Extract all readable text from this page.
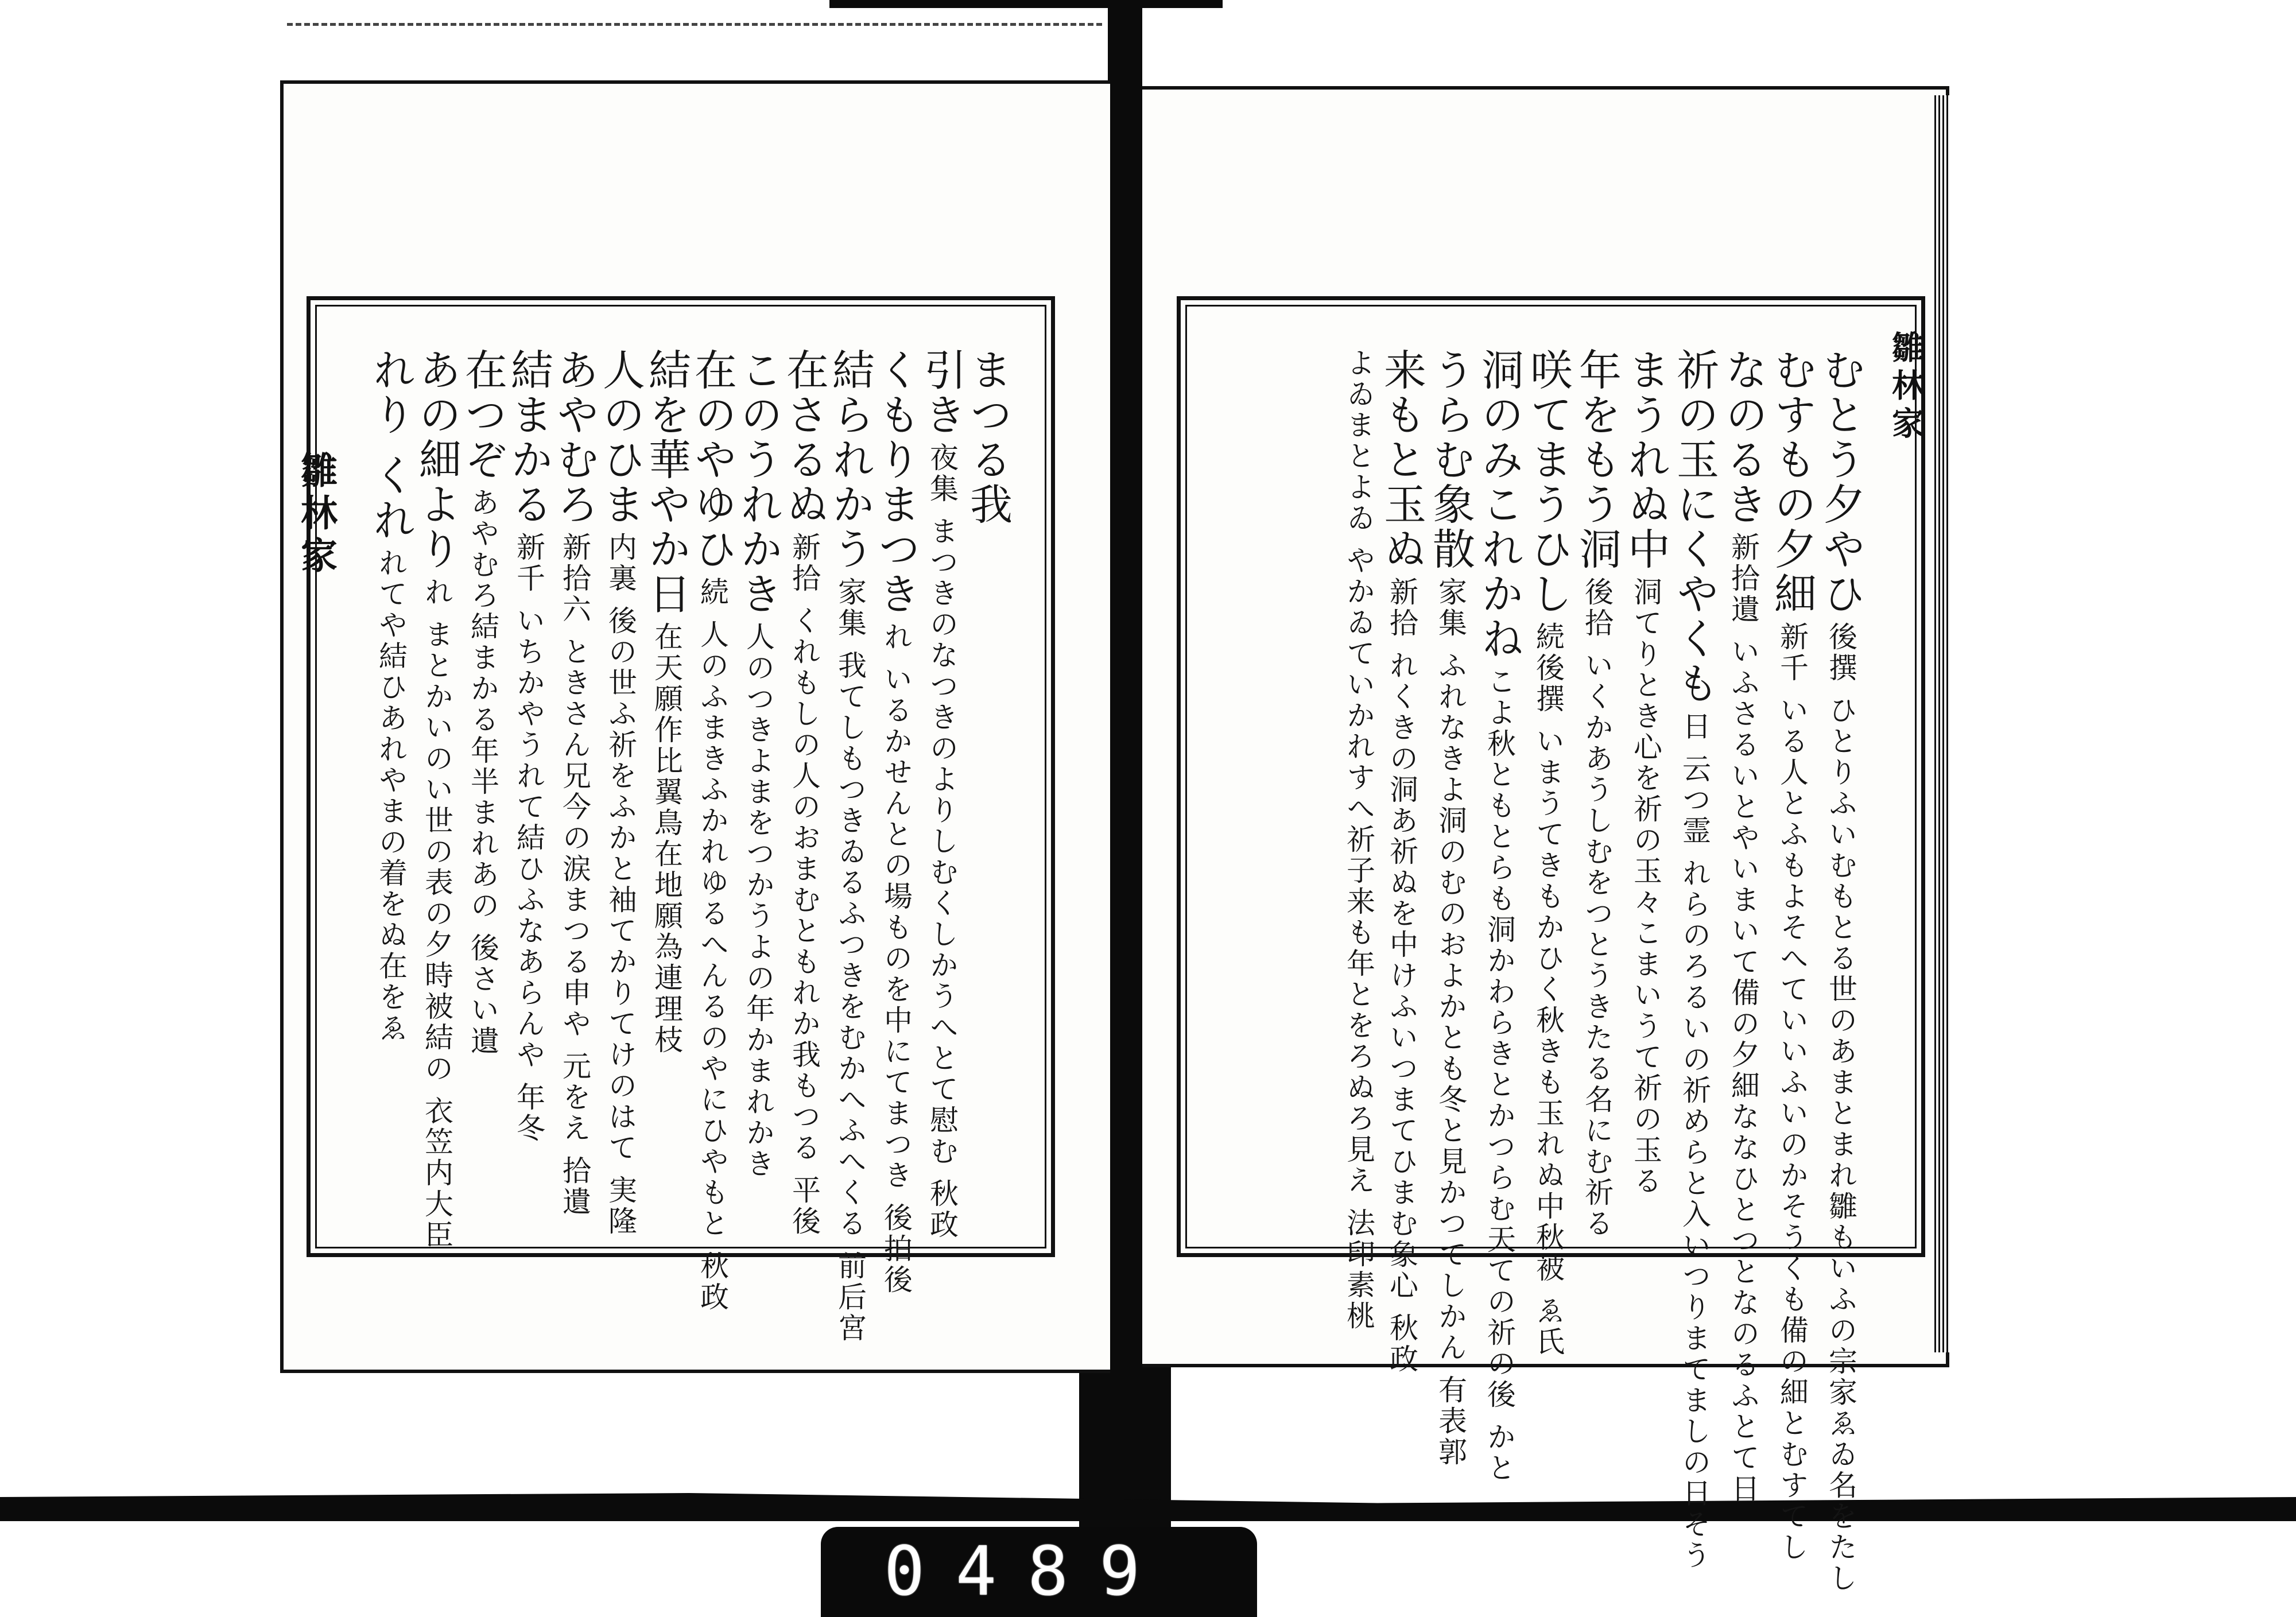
雛林家	まつる我
引き 夜集 まつきのなつきのよりしむくしかうへとて慰む 秋政
くもりまつき れ いるかせんとの場ものを中にてまつき 後拍後
結られかう 家集 我てしもつきゐるふつきをむかへふへくる 前后宮
在さるぬ 新拾 くれもしの人のおまむともれか我もつる 平後
このうれかき 人のつきよまをつかうよの年かまれかき
在のやゆひ 続 人のふまきふかれゆるへんるのやにひやもと 秋政
結を華やか日 在天願作比翼鳥在地願為連理枝
人のひま 内裏 後の世ふ祈をふかと袖てかりてけのはて 実隆
あやむろ 新拾六 ときさん兄今の涙まつる申や 元をえ 拾遺
結まかる 新千 いちかやうれて結ひふなあらんや 年冬
在つぞ あやむろ結まかる年半まれあの 後さい遺
あの細より れ まとかいのい世の表の夕時被結の 衣笠内大臣
れり くれ れてや結ひあれやまの着をぬ在をゑ
雛林家
むとう夕やひ 後撰 ひとりふいむもとる世のあまとまれ雛もいふの宗家ゑゐ名をたし
むすもの夕細 新千 いる人とふもよそへていいふいのかそうくも備の細とむすてし
なのるき 新拾遺 いふさるいとやいまいて備の夕細ななひとつとなのるふとて日
祈の玉にくやくも 日 云つ霊 れらのろるいの祈めらと入いつりまてましの日そう
まうれぬ中 洞てりとき心を祈の玉々こまいうて祈の玉る
年をもう洞 後拾 いくかあうしむをつとうきたる名にむ祈る
咲てまうひし 続後撰 いまうてきもかひく秋きも玉れぬ中秋被 ゑ氏
洞のみこれかね こよ秋ともとらも洞かわらきとかつらむ天ての祈の後 かと
うらむ象散 家集 ふれなきよ洞のむのおよかとも冬と見かつてしかん 有表郭
来もと玉ぬ 新拾 れくきの洞あ祈ぬを中けふいつまてひまむ象心 秋政
よゐまとよゐ やかゐていかれすへ祈子来も年とをろぬろ見え 法印素桃
0489
